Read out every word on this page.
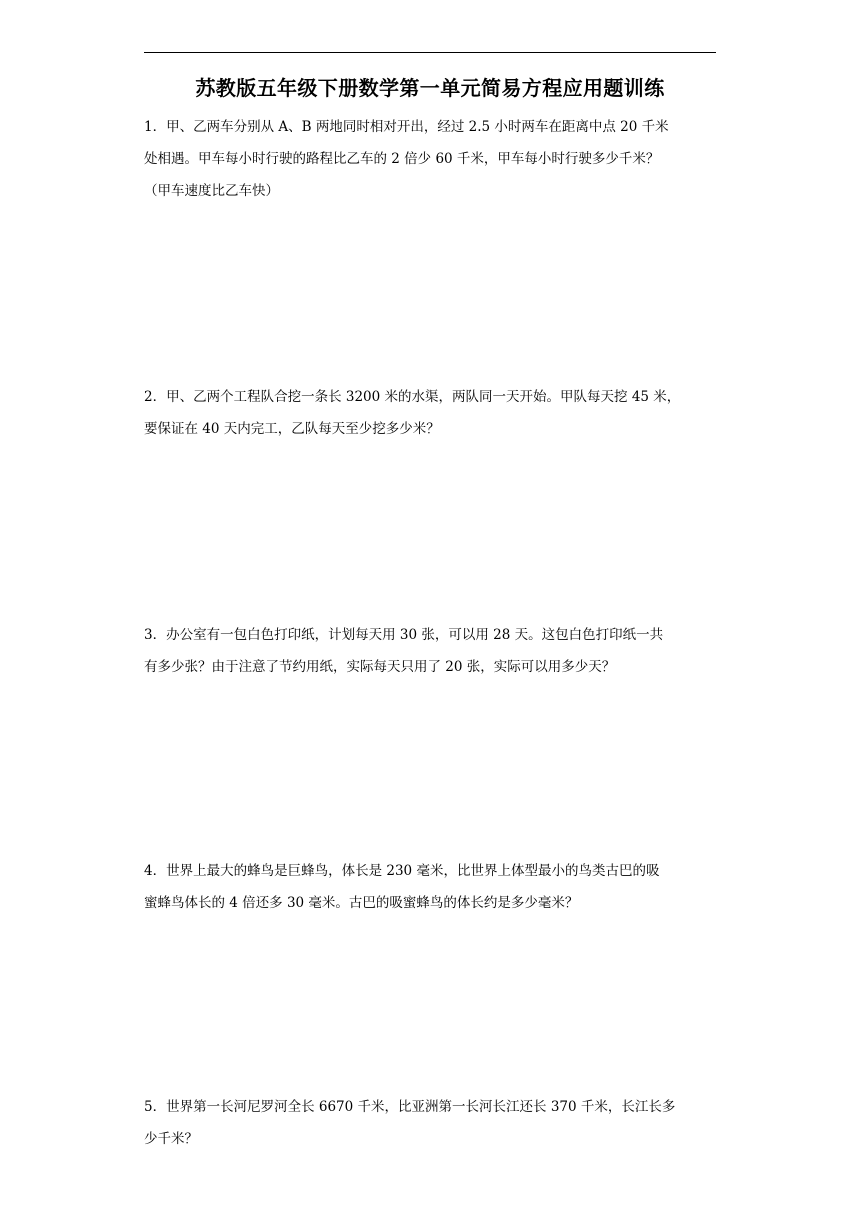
苏教版五年级下册数学第一单元简易方程应用题训练

1．甲、乙两车分别从 A、B 两地同时相对开出，经过 2.5 小时两车在距离中点 20 千米

处相遇。甲车每小时行驶的路程比乙车的 2 倍少 60 千米，甲车每小时行驶多少千米？

（甲车速度比乙车快）

2．甲、乙两个工程队合挖一条长 3200 米的水渠，两队同一天开始。甲队每天挖 45 米，

要保证在 40 天内完工，乙队每天至少挖多少米？

3．办公室有一包白色打印纸，计划每天用 30 张，可以用 28 天。这包白色打印纸一共

有多少张？由于注意了节约用纸，实际每天只用了 20 张，实际可以用多少天？

4．世界上最大的蜂鸟是巨蜂鸟，体长是 230 毫米，比世界上体型最小的鸟类古巴的吸

蜜蜂鸟体长的 4 倍还多 30 毫米。古巴的吸蜜蜂鸟的体长约是多少毫米？

5．世界第一长河尼罗河全长 6670 千米，比亚洲第一长河长江还长 370 千米，长江长多

少千米？
